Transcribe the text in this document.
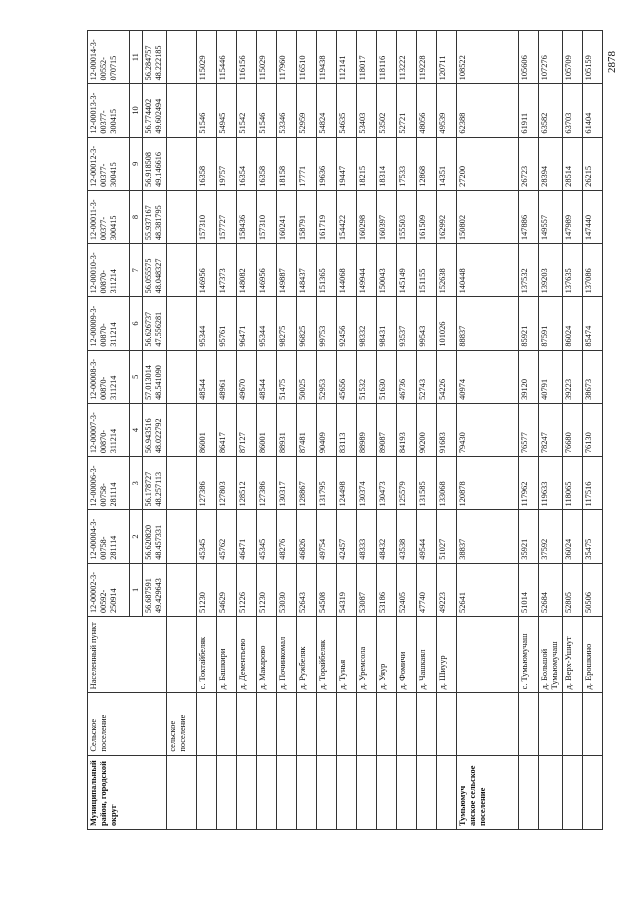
2878
Муниципальный район, городской округ	Сельское поселение	Населенный пункт	12-00002-3-00592-250914	12-00004-3-00758-281114	12-00006-3-00758-281114	12-00007-3-00870-311214	12-00008-3-00870-311214	12-00009-3-00870-311214	12-00010-3-00870-311214	12-00011-3-00377-300415	12-00012-3-00377-300415	12-00013-3-00377-300415	12-00014-3-00552-070715
			1	2	3	4	5	6	7	8	9	10	11
			56.687591 49.429643	56.620820 48.457331	56.178727 48.257113	56.943516 48.022792	57.013014 48.541090	56.626737 47.556281	56.055575 48.048327	55.937167 48.381795	56.918508 49.146616	56.774402 49.602494	56.284757 48.222185
	сельское поселение												
		с. Токтайбеляк	51230	45345	127386	86001	48544	95344	146956	157310	16358	51546	115029
		д. Башкири	54629	45762	127803	86417	48961	95761	147373	157727	19757	54945	115446
		д. Дементьево	51226	46471	128512	87127	49670	96471	148082	158436	16354	51542	116156
		д. Макарово	51230	45345	127386	86001	48544	95344	146956	157310	16358	51546	115029
		д. Починкомал	53030	48276	130317	88931	51475	98275	149887	160241	18158	53346	117960
		д. Ружбеляк	52643	46826	128867	87481	50025	96825	148437	158791	17771	52959	116510
		д. Торайбеляк	54508	49754	131795	90409	52953	99753	151365	161719	19636	54824	119438
		д. Тунья	54319	42457	124498	83113	45656	92456	144068	154422	19447	54635	112141
		д. Уремсола	53087	48333	130374	88989	51532	98332	149944	160298	18215	53403	118017
		д. Уяур	53186	48432	130473	89087	51630	98431	150043	160397	18314	53502	118116
		д. Фомичи	52405	43538	125579	84193	46736	93537	145149	155503	17533	52721	113222
		д. Чашкаял	47740	49544	131585	90200	52743	99543	151155	161509	12868	48056	119228
		д. Шиуур	49223	51027	133068	91683	54226	101026	152638	162992	14351	49539	120711
Тумьюмуч анское сельское поселение			52641	38837	120878	79430	40974	88837	140448	150802	27200	62388	108522
		с. Тумьюмучаш	51014	35921	117962	76577	39120	85921	137532	147886	26723	61911	105606
		д. Большой Тумьюмучаш	52684	37592	119633	78247	40791	87591	139203	149557	28394	63582	107276
		д. Верх-Ушнут	52805	36024	118065	76680	39223	86024	137635	147989	28514	63703	105709
		д. Ерошкино	50506	35475	117516	76130	38673	85474	137086	147440	26215	61404	105159
